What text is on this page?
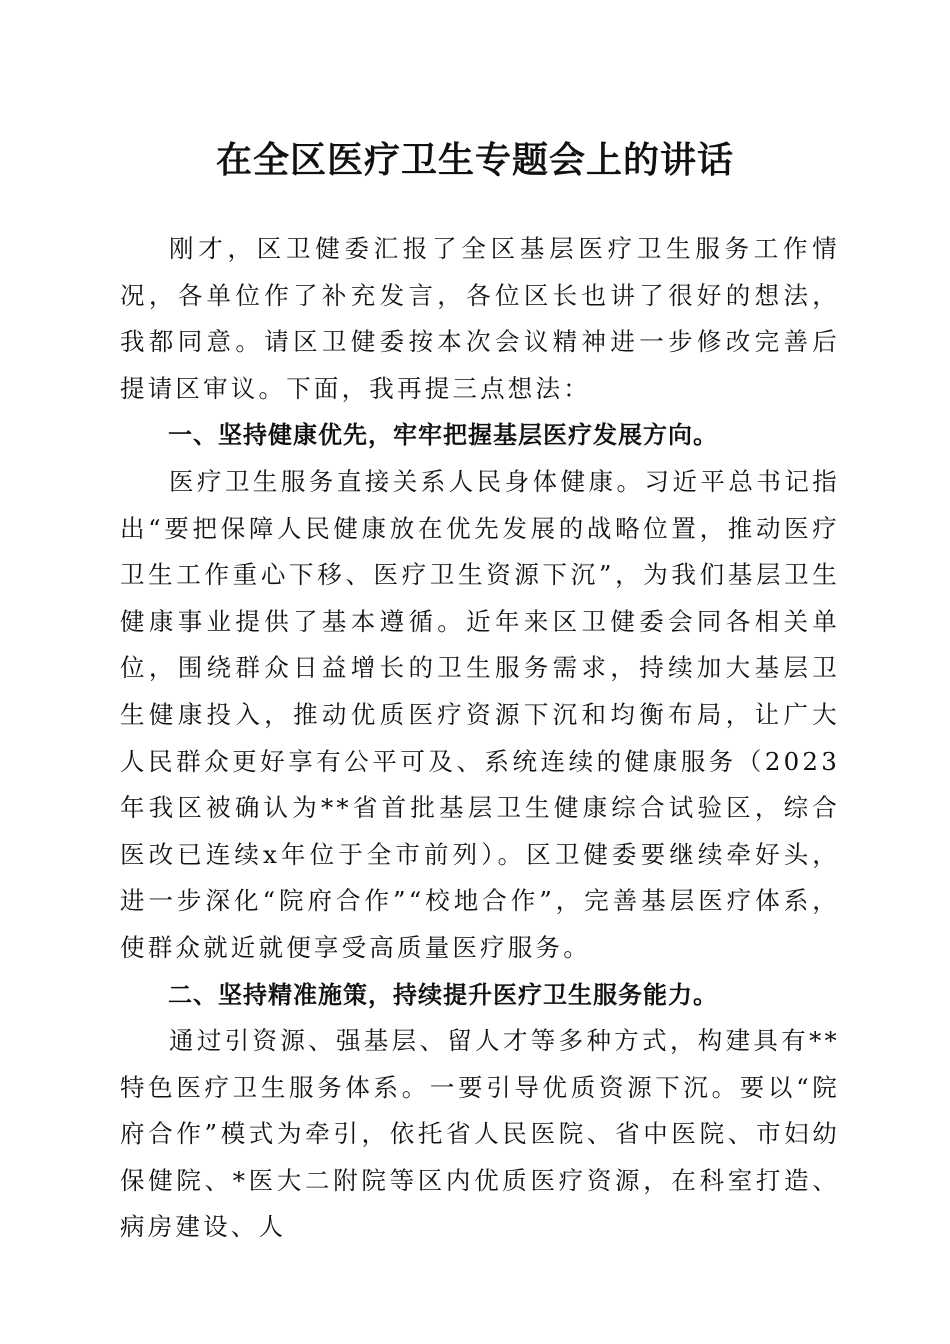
在全区医疗卫生专题会上的讲话

刚才，区卫健委汇报了全区基层医疗卫生服务工作情况，各单位作了补充发言，各位区长也讲了很好的想法，我都同意。请区卫健委按本次会议精神进一步修改完善后提请区审议。下面，我再提三点想法：

一、坚持健康优先，牢牢把握基层医疗发展方向。

医疗卫生服务直接关系人民身体健康。习近平总书记指出“要把保障人民健康放在优先发展的战略位置，推动医疗卫生工作重心下移、医疗卫生资源下沉”，为我们基层卫生健康事业提供了基本遵循。近年来区卫健委会同各相关单位，围绕群众日益增长的卫生服务需求，持续加大基层卫生健康投入，推动优质医疗资源下沉和均衡布局，让广大人民群众更好享有公平可及、系统连续的健康服务（2023年我区被确认为**省首批基层卫生健康综合试验区，综合医改已连续x年位于全市前列）。区卫健委要继续牵好头，进一步深化“院府合作”“校地合作”，完善基层医疗体系，使群众就近就便享受高质量医疗服务。

二、坚持精准施策，持续提升医疗卫生服务能力。

通过引资源、强基层、留人才等多种方式，构建具有**特色医疗卫生服务体系。一要引导优质资源下沉。要以“院府合作”模式为牵引，依托省人民医院、省中医院、市妇幼保健院、*医大二附院等区内优质医疗资源，在科室打造、病房建设、人
